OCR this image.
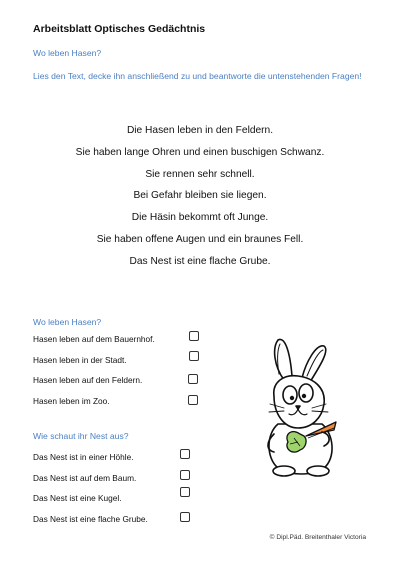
Arbeitsblatt Optisches Gedächtnis
Wo leben Hasen?
Lies den Text, decke ihn anschließend zu und beantworte die untenstehenden Fragen!
Die Hasen leben in den Feldern.
Sie haben lange Ohren und einen buschigen Schwanz.
Sie rennen sehr schnell.
Bei Gefahr bleiben sie liegen.
Die Häsin bekommt oft Junge.
Sie haben offene Augen und ein braunes Fell.
Das Nest ist eine flache Grube.
Wo leben Hasen?
Hasen leben auf dem Bauernhof.
Hasen leben in der Stadt.
Hasen leben auf den Feldern.
Hasen leben im Zoo.
Wie schaut ihr Nest aus?
Das Nest ist in einer Höhle.
Das Nest ist auf dem Baum.
Das Nest ist eine Kugel.
Das Nest ist eine flache Grube.
© Dipl.Päd. Breitenthaler Victoria
